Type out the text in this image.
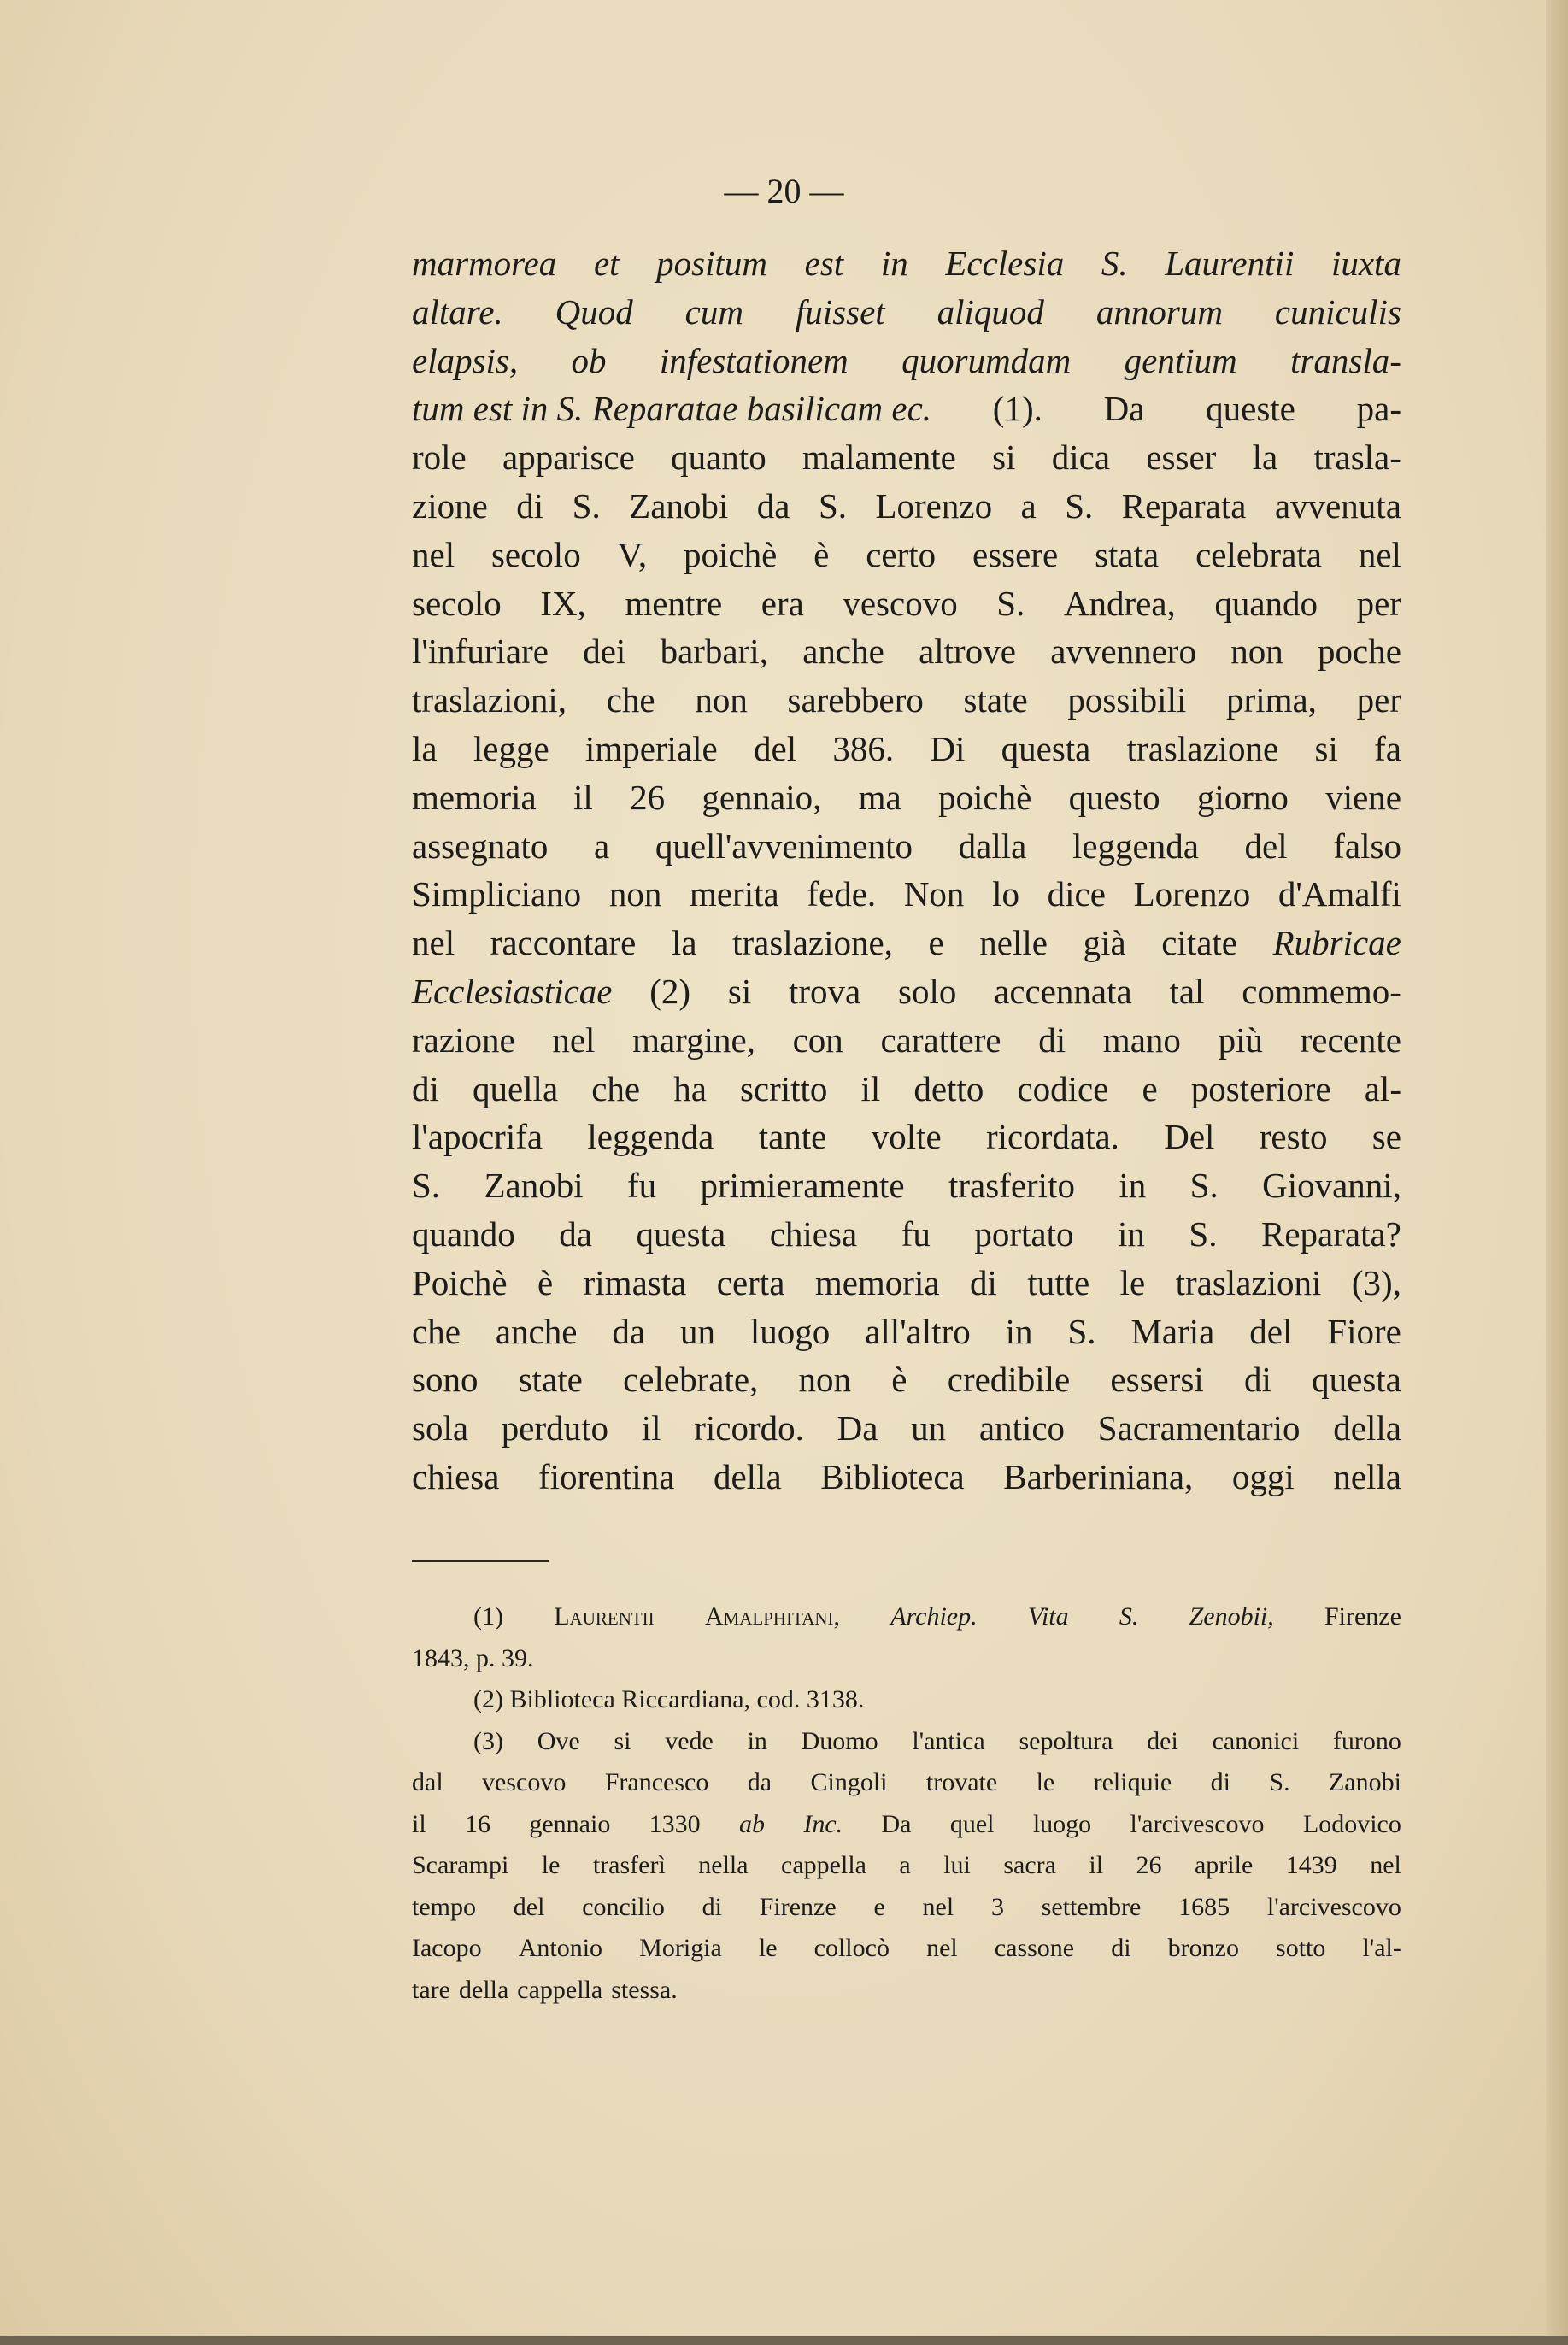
— 20 —
marmorea et positum est in Ecclesia S. Laurentii iuxta
altare. Quod cum fuisset aliquod annorum cuniculis
elapsis, ob infestationem quorumdam gentium transla-
tum est in S. Reparatae basilicam ec. (1). Da queste pa-
role apparisce quanto malamente si dica esser la trasla-
zione di S. Zanobi da S. Lorenzo a S. Reparata avvenuta
nel secolo V, poichè è certo essere stata celebrata nel
secolo IX, mentre era vescovo S. Andrea, quando per
l'infuriare dei barbari, anche altrove avvennero non poche
traslazioni, che non sarebbero state possibili prima, per
la legge imperiale del 386. Di questa traslazione si fa
memoria il 26 gennaio, ma poichè questo giorno viene
assegnato a quell'avvenimento dalla leggenda del falso
Simpliciano non merita fede. Non lo dice Lorenzo d'Amalfi
nel raccontare la traslazione, e nelle già citate Rubricae
Ecclesiasticae (2) si trova solo accennata tal commemo-
razione nel margine, con carattere di mano più recente
di quella che ha scritto il detto codice e posteriore al-
l'apocrifa leggenda tante volte ricordata. Del resto se
S. Zanobi fu primieramente trasferito in S. Giovanni,
quando da questa chiesa fu portato in S. Reparata?
Poichè è rimasta certa memoria di tutte le traslazioni (3),
che anche da un luogo all'altro in S. Maria del Fiore
sono state celebrate, non è credibile essersi di questa
sola perduto il ricordo. Da un antico Sacramentario della
chiesa fiorentina della Biblioteca Barberiniana, oggi nella
(1) Laurentii Amalphitani, Archiep. Vita S. Zenobii, Firenze
1843, p. 39.
(2) Biblioteca Riccardiana, cod. 3138.
(3) Ove si vede in Duomo l'antica sepoltura dei canonici furono
dal vescovo Francesco da Cingoli trovate le reliquie di S. Zanobi
il 16 gennaio 1330 ab Inc. Da quel luogo l'arcivescovo Lodovico
Scarampi le trasferì nella cappella a lui sacra il 26 aprile 1439 nel
tempo del concilio di Firenze e nel 3 settembre 1685 l'arcivescovo
Iacopo Antonio Morigia le collocò nel cassone di bronzo sotto l'al-
tare della cappella stessa.
